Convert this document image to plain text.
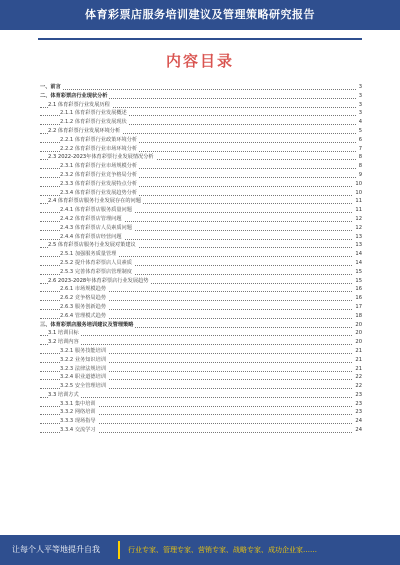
体育彩票店服务培训建议及管理策略研究报告
内容目录
一、前言	3
二、体育彩票店行业现状分析	3
2.1 体育彩票行业发展历程	3
2.1.1 体育彩票行业发展概述	3
2.1.2 体育彩票行业发展现状	4
2.2 体育彩票行业发展环境分析	5
2.2.1 体育彩票行业政策环境分析	6
2.2.2 体育彩票行业市场环境分析	7
2.3 2022-2023年体育彩票行业发展情况分析	8
2.3.1 体育彩票行业市场规模分析	8
2.3.2 体育彩票行业竞争格局分析	9
2.3.3 体育彩票行业发展特点分析	10
2.3.4 体育彩票行业发展趋势分析	10
2.4 体育彩票店服务行业发展存在的问题	11
2.4.1 体育彩票店服务质量问题	11
2.4.2 体育彩票店管理问题	12
2.4.3 体育彩票店人员素质问题	12
2.4.4 体育彩票店经营问题	13
2.5 体育彩票店服务行业发展对策建议	13
2.5.1 加强服务质量管理	14
2.5.2 提升体育彩票店人员素质	14
2.5.3 完善体育彩票店管理制度	15
2.6 2023-2028年体育彩票店行业发展趋势	15
2.6.1 市场规模趋势	16
2.6.2 竞争格局趋势	16
2.6.3 服务创新趋势	17
2.6.4 管理模式趋势	18
三、体育彩票店服务培训建议及管理策略	20
3.1 培训目标	20
3.2 培训内容	20
3.2.1 服务技能培训	21
3.2.2 业务知识培训	21
3.2.3 法律法规培训	21
3.2.4 职业道德培训	22
3.2.5 安全管理培训	22
3.3 培训方式	23
3.3.1 集中培训	23
3.3.2 网络培训	23
3.3.3 现场指导	24
3.3.4 交流学习	24
让每个人平等地提升自我	行业专家、管理专家、营销专家、战略专家、成功企业家……
